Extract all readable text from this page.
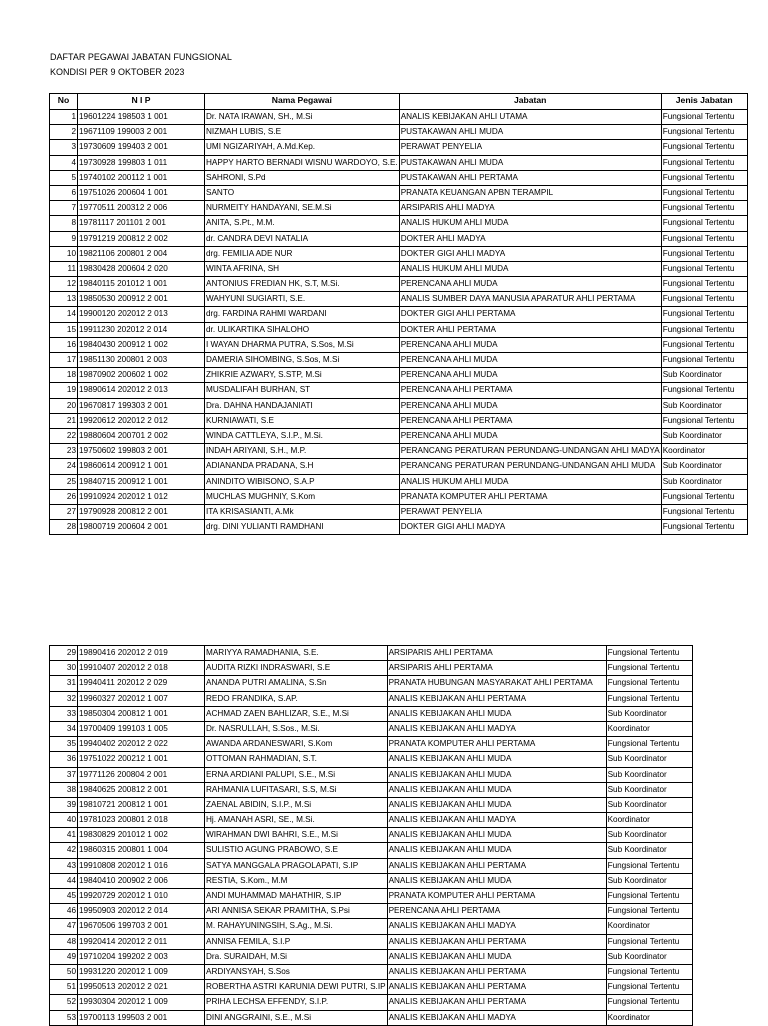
DAFTAR PEGAWAI JABATAN FUNGSIONAL
KONDISI PER 9 OKTOBER 2023
No	N I P	Nama Pegawai	Jabatan	Jenis Jabatan
1	19601224 198503 1 001	Dr. NATA IRAWAN, SH., M.Si	ANALIS KEBIJAKAN AHLI UTAMA	Fungsional Tertentu
2	19671109 199003 2 001	NIZMAH LUBIS, S.E	PUSTAKAWAN AHLI MUDA	Fungsional Tertentu
3	19730609 199403 2 001	UMI NGIZARIYAH, A.Md.Kep.	PERAWAT PENYELIA	Fungsional Tertentu
4	19730928 199803 1 011	HAPPY HARTO BERNADI WISNU WARDOYO, S.E.	PUSTAKAWAN AHLI MUDA	Fungsional Tertentu
5	19740102 200112 1 001	SAHRONI, S.Pd	PUSTAKAWAN AHLI PERTAMA	Fungsional Tertentu
6	19751026 200604 1 001	SANTO	PRANATA KEUANGAN APBN TERAMPIL	Fungsional Tertentu
7	19770511 200312 2 006	NURMEITY HANDAYANI, SE.M.Si	ARSIPARIS AHLI MADYA	Fungsional Tertentu
8	19781117 201101 2 001	ANITA, S.Pt., M.M.	ANALIS HUKUM AHLI MUDA	Fungsional Tertentu
9	19791219 200812 2 002	dr. CANDRA DEVI NATALIA	DOKTER AHLI MADYA	Fungsional Tertentu
10	19821106 200801 2 004	drg. FEMILIA ADE NUR	DOKTER GIGI AHLI MADYA	Fungsional Tertentu
11	19830428 200604 2 020	WINTA AFRINA, SH	ANALIS HUKUM AHLI MUDA	Fungsional Tertentu
12	19840115 201012 1 001	ANTONIUS FREDIAN HK, S.T, M.Si.	PERENCANA AHLI MUDA	Fungsional Tertentu
13	19850530 200912 2 001	WAHYUNI SUGIARTI, S.E.	ANALIS SUMBER DAYA MANUSIA APARATUR AHLI PERTAMA	Fungsional Tertentu
14	19900120 202012 2 013	drg. FARDINA RAHMI WARDANI	DOKTER GIGI AHLI PERTAMA	Fungsional Tertentu
15	19911230 202012 2 014	dr. ULIKARTIKA SIHALOHO	DOKTER AHLI PERTAMA	Fungsional Tertentu
16	19840430 200912 1 002	I WAYAN DHARMA PUTRA, S.Sos, M.Si	PERENCANA AHLI MUDA	Fungsional Tertentu
17	19851130 200801 2 003	DAMERIA SIHOMBING, S.Sos, M.Si	PERENCANA AHLI MUDA	Fungsional Tertentu
18	19870902 200602 1 002	ZHIKRIE AZWARY, S.STP, M.Si	PERENCANA AHLI MUDA	Sub Koordinator
19	19890614 202012 2 013	MUSDALIFAH BURHAN, ST	PERENCANA AHLI PERTAMA	Fungsional Tertentu
20	19670817 199303 2 001	Dra. DAHNA HANDAJANIATI	PERENCANA AHLI MUDA	Sub Koordinator
21	19920612 202012 2 012	KURNIAWATI, S.E	PERENCANA AHLI PERTAMA	Fungsional Tertentu
22	19880604 200701 2 002	WINDA CATTLEYA, S.I.P., M.Si.	PERENCANA AHLI MUDA	Sub Koordinator
23	19750602 199803 2 001	INDAH ARIYANI, S.H., M.P.	PERANCANG PERATURAN PERUNDANG-UNDANGAN AHLI MADYA	Koordinator
24	19860614 200912 1 001	ADIANANDA PRADANA, S.H	PERANCANG PERATURAN PERUNDANG-UNDANGAN AHLI MUDA	Sub Koordinator
25	19840715 200912 1 001	ANINDITO WIBISONO, S.A.P	ANALIS HUKUM AHLI MUDA	Sub Koordinator
26	19910924 202012 1 012	MUCHLAS MUGHNIY, S.Kom	PRANATA KOMPUTER AHLI PERTAMA	Fungsional Tertentu
27	19790928 200812 2 001	ITA KRISASIANTI, A.Mk	PERAWAT PENYELIA	Fungsional Tertentu
28	19800719 200604 2 001	drg. DINI YULIANTI RAMDHANI	DOKTER GIGI AHLI MADYA	Fungsional Tertentu
29	19890416 202012 2 019	MARIYYA RAMADHANIA, S.E.	ARSIPARIS AHLI PERTAMA	Fungsional Tertentu
30	19910407 202012 2 018	AUDITA RIZKI INDRASWARI, S.E	ARSIPARIS AHLI PERTAMA	Fungsional Tertentu
31	19940411 202012 2 029	ANANDA PUTRI AMALINA, S.Sn	PRANATA HUBUNGAN MASYARAKAT AHLI PERTAMA	Fungsional Tertentu
32	19960327 202012 1 007	REDO FRANDIKA, S.AP.	ANALIS KEBIJAKAN AHLI PERTAMA	Fungsional Tertentu
33	19850304 200812 1 001	ACHMAD ZAEN BAHLIZAR, S.E., M.Si	ANALIS KEBIJAKAN AHLI MUDA	Sub Koordinator
34	19700409 199103 1 005	Dr. NASRULLAH, S.Sos., M.Si.	ANALIS KEBIJAKAN AHLI MADYA	Koordinator
35	19940402 202012 2 022	AWANDA ARDANESWARI, S.Kom	PRANATA KOMPUTER AHLI PERTAMA	Fungsional Tertentu
36	19751022 200212 1 001	OTTOMAN RAHMADIAN, S.T.	ANALIS KEBIJAKAN AHLI MUDA	Sub Koordinator
37	19771126 200804 2 001	ERNA ARDIANI PALUPI, S.E., M.Si	ANALIS KEBIJAKAN AHLI MUDA	Sub Koordinator
38	19840625 200812 2 001	RAHMANIA LUFITASARI, S.S, M.Si	ANALIS KEBIJAKAN AHLI MUDA	Sub Koordinator
39	19810721 200812 1 001	ZAENAL ABIDIN, S.I.P., M.Si	ANALIS KEBIJAKAN AHLI MUDA	Sub Koordinator
40	19781023 200801 2 018	Hj. AMANAH ASRI, SE., M.Si.	ANALIS KEBIJAKAN AHLI MADYA	Koordinator
41	19830829 201012 1 002	WIRAHMAN DWI BAHRI, S.E., M.Si	ANALIS KEBIJAKAN AHLI MUDA	Sub Koordinator
42	19860315 200801 1 004	SULISTIO AGUNG PRABOWO, S.E	ANALIS KEBIJAKAN AHLI MUDA	Sub Koordinator
43	19910808 202012 1 016	SATYA MANGGALA PRAGOLAPATI, S.IP	ANALIS KEBIJAKAN AHLI PERTAMA	Fungsional Tertentu
44	19840410 200902 2 006	RESTIA, S.Kom., M.M	ANALIS KEBIJAKAN AHLI MUDA	Sub Koordinator
45	19920729 202012 1 010	ANDI MUHAMMAD MAHATHIR, S.IP	PRANATA KOMPUTER AHLI PERTAMA	Fungsional Tertentu
46	19950903 202012 2 014	ARI ANNISA SEKAR PRAMITHA, S.Psi	PERENCANA AHLI PERTAMA	Fungsional Tertentu
47	19670506 199703 2 001	M. RAHAYUNINGSIH, S.Ag., M.Si.	ANALIS KEBIJAKAN AHLI MADYA	Koordinator
48	19920414 202012 2 011	ANNISA FEMILA, S.I.P	ANALIS KEBIJAKAN AHLI PERTAMA	Fungsional Tertentu
49	19710204 199202 2 003	Dra. SURAIDAH, M.Si	ANALIS KEBIJAKAN AHLI MUDA	Sub Koordinator
50	19931220 202012 1 009	ARDIYANSYAH, S.Sos	ANALIS KEBIJAKAN AHLI PERTAMA	Fungsional Tertentu
51	19950513 202012 2 021	ROBERTHA ASTRI KARUNIA DEWI PUTRI, S.IP	ANALIS KEBIJAKAN AHLI PERTAMA	Fungsional Tertentu
52	19930304 202012 1 009	PRIHA LECHSA EFFENDY, S.I.P.	ANALIS KEBIJAKAN AHLI PERTAMA	Fungsional Tertentu
53	19700113 199503 2 001	DINI ANGGRAINI, S.E., M.Si	ANALIS KEBIJAKAN AHLI MADYA	Koordinator
